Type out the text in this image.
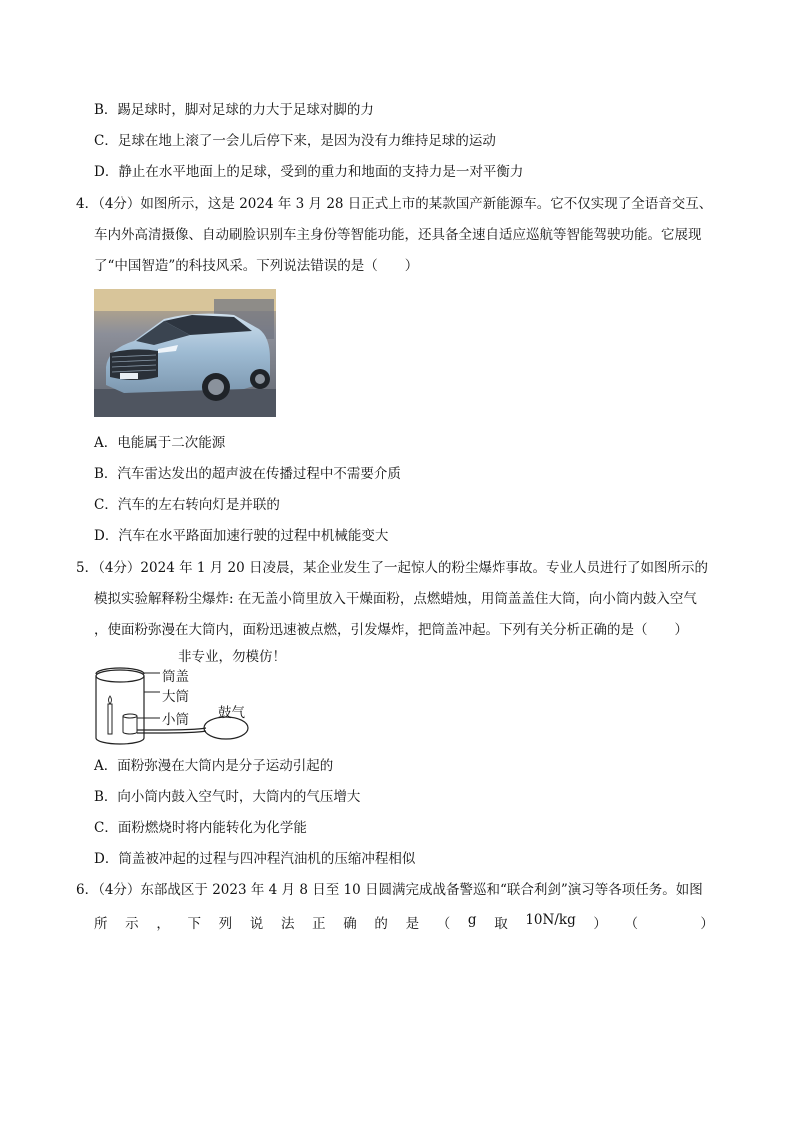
B．踢足球时，脚对足球的力大于足球对脚的力
C．足球在地上滚了一会儿后停下来，是因为没有力维持足球的运动
D．静止在水平地面上的足球，受到的重力和地面的支持力是一对平衡力
4．（4分）如图所示，这是 2024 年 3 月 28 日正式上市的某款国产新能源车。它不仅实现了全语音交互、
车内外高清摄像、自动刷脸识别车主身份等智能功能，还具备全速自适应巡航等智能驾驶功能。它展现
了“中国智造”的科技风采。下列说法错误的是（　　）
A．电能属于二次能源
B．汽车雷达发出的超声波在传播过程中不需要介质
C．汽车的左右转向灯是并联的
D．汽车在水平路面加速行驶的过程中机械能变大
5．（4分）2024 年 1 月 20 日凌晨，某企业发生了一起惊人的粉尘爆炸事故。专业人员进行了如图所示的
模拟实验解释粉尘爆炸: 在无盖小筒里放入干燥面粉，点燃蜡烛，用筒盖盖住大筒，向小筒内鼓入空气
，使面粉弥漫在大筒内，面粉迅速被点燃，引发爆炸，把筒盖冲起。下列有关分析正确的是（　　）
非专业，勿模仿！
筒盖
大筒
小筒 鼓气
A．面粉弥漫在大筒内是分子运动引起的
B．向小筒内鼓入空气时，大筒内的气压增大
C．面粉燃烧时将内能转化为化学能
D．筒盖被冲起的过程与四冲程汽油机的压缩冲程相似
6．（4分）东部战区于 2023 年 4 月 8 日至 10 日圆满完成战备警巡和“联合利剑”演习等各项任务。如图
所 示 ， 下 列 说 法 正 确 的 是 （ g 取 10N/kg ） （
　　	）
